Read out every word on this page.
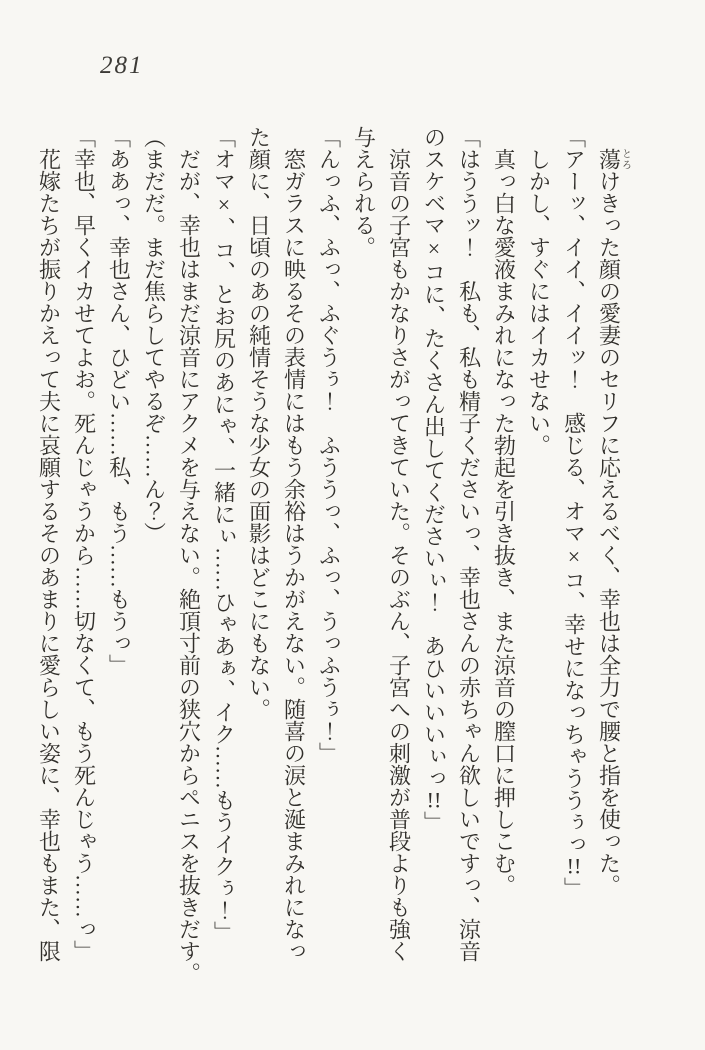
281
　蕩とろけきった顔の愛妻のセリフに応えるべく、幸也は全力で腰と指を使った。
「アーッ、イイ、イイッ！　感じる、オマ×コ、幸せになっちゃううぅっ!!」
　しかし、すぐにはイカせない。
　真っ白な愛液まみれになった勃起を引き抜き、また涼音の膣口に押しこむ。
「はううッ！　私も、私も精子くださいっ、幸也さんの赤ちゃん欲しいですっ、涼音
のスケベマ×コに、たくさん出してくださいぃ！　あひいいいぃっ!!」
　涼音の子宮もかなりさがってきていた。そのぶん、子宮への刺激が普段よりも強く
与えられる。
「んっふ、ふっ、ふぐうぅ！　ふううっ、ふっ、うっふうぅ！」
　窓ガラスに映るその表情にはもう余裕はうかがえない。随喜の涙と涎まみれになっ
た顔に、日頃のあの純情そうな少女の面影はどこにもない。
「オマ×、コ、とお尻のあにゃ、一緒にぃ……ひゃあぁ、イク……もうイクぅ！」
　だが、幸也はまだ涼音にアクメを与えない。絶頂寸前の狭穴からペニスを抜きだす。
（まだだ。まだ焦らしてやるぞ……ん？）
「ああっ、幸也さん、ひどい……私、もう……もうっ」
「幸也、早くイカせてよお。死んじゃうから……切なくて、もう死んじゃう……っ」
　花嫁たちが振りかえって夫に哀願するそのあまりに愛らしい姿に、幸也もまた、限
